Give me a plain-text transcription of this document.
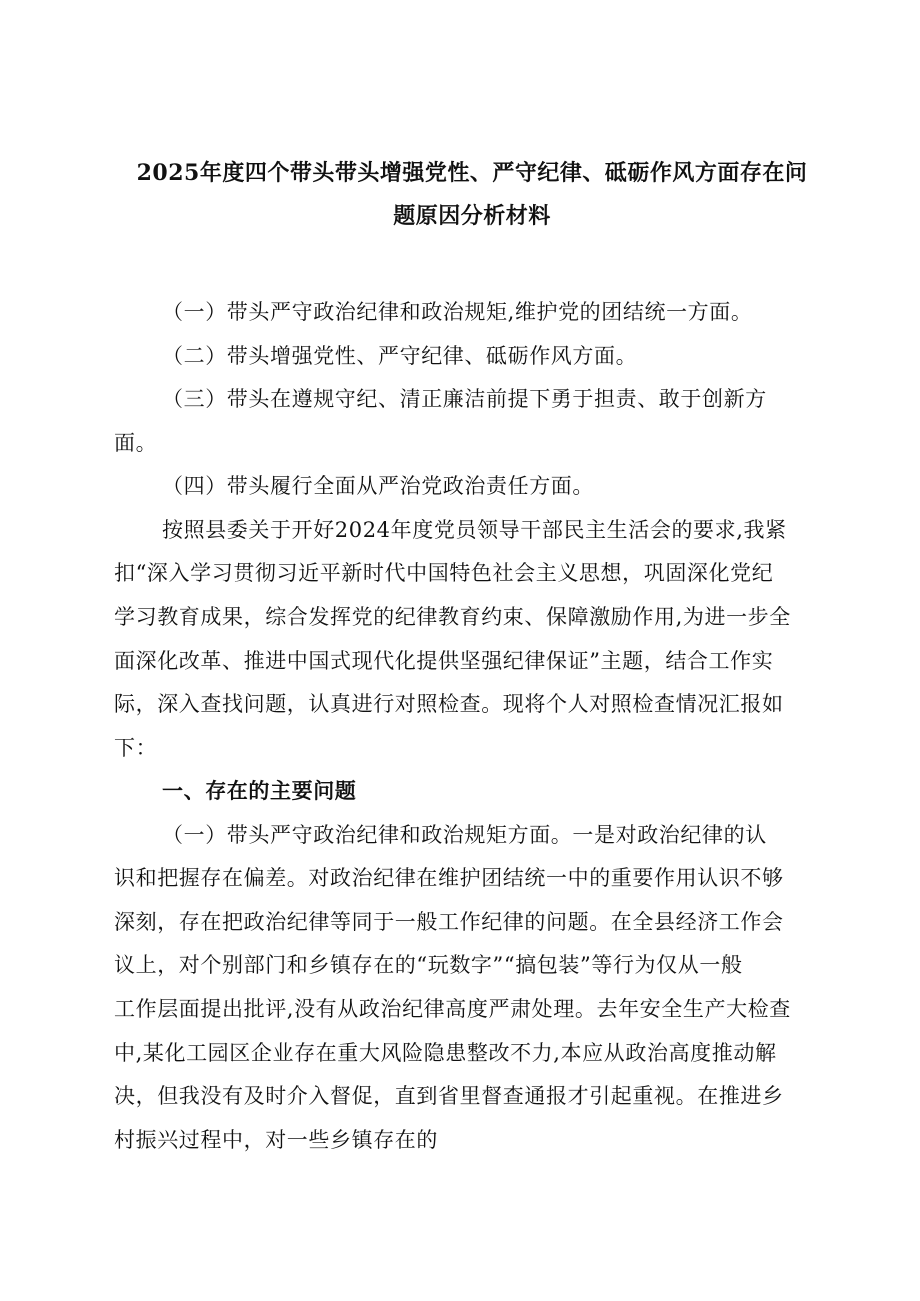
2025年度四个带头带头增强党性、严守纪律、砥砺作风方面存在问
题原因分析材料
（一）带头严守政治纪律和政治规矩,维护党的团结统一方面。
（二）带头增强党性、严守纪律、砥砺作风方面。
（三）带头在遵规守纪、清正廉洁前提下勇于担责、敢于创新方
面。
（四）带头履行全面从严治党政治责任方面。
按照县委关于开好2024年度党员领导干部民主生活会的要求,我紧
扣“深入学习贯彻习近平新时代中国特色社会主义思想，巩固深化党纪
学习教育成果，综合发挥党的纪律教育约束、保障激励作用,为进一步全
面深化改革、推进中国式现代化提供坚强纪律保证”主题，结合工作实
际，深入查找问题，认真进行对照检查。现将个人对照检查情况汇报如
下：
一、存在的主要问题
（一）带头严守政治纪律和政治规矩方面。一是对政治纪律的认
识和把握存在偏差。对政治纪律在维护团结统一中的重要作用认识不够
深刻，存在把政治纪律等同于一般工作纪律的问题。在全县经济工作会
议上，对个别部门和乡镇存在的“玩数字”“搞包装”等行为仅从一般
工作层面提出批评,没有从政治纪律高度严肃处理。去年安全生产大检查
中,某化工园区企业存在重大风险隐患整改不力,本应从政治高度推动解
决，但我没有及时介入督促，直到省里督查通报才引起重视。在推进乡
村振兴过程中，对一些乡镇存在的
